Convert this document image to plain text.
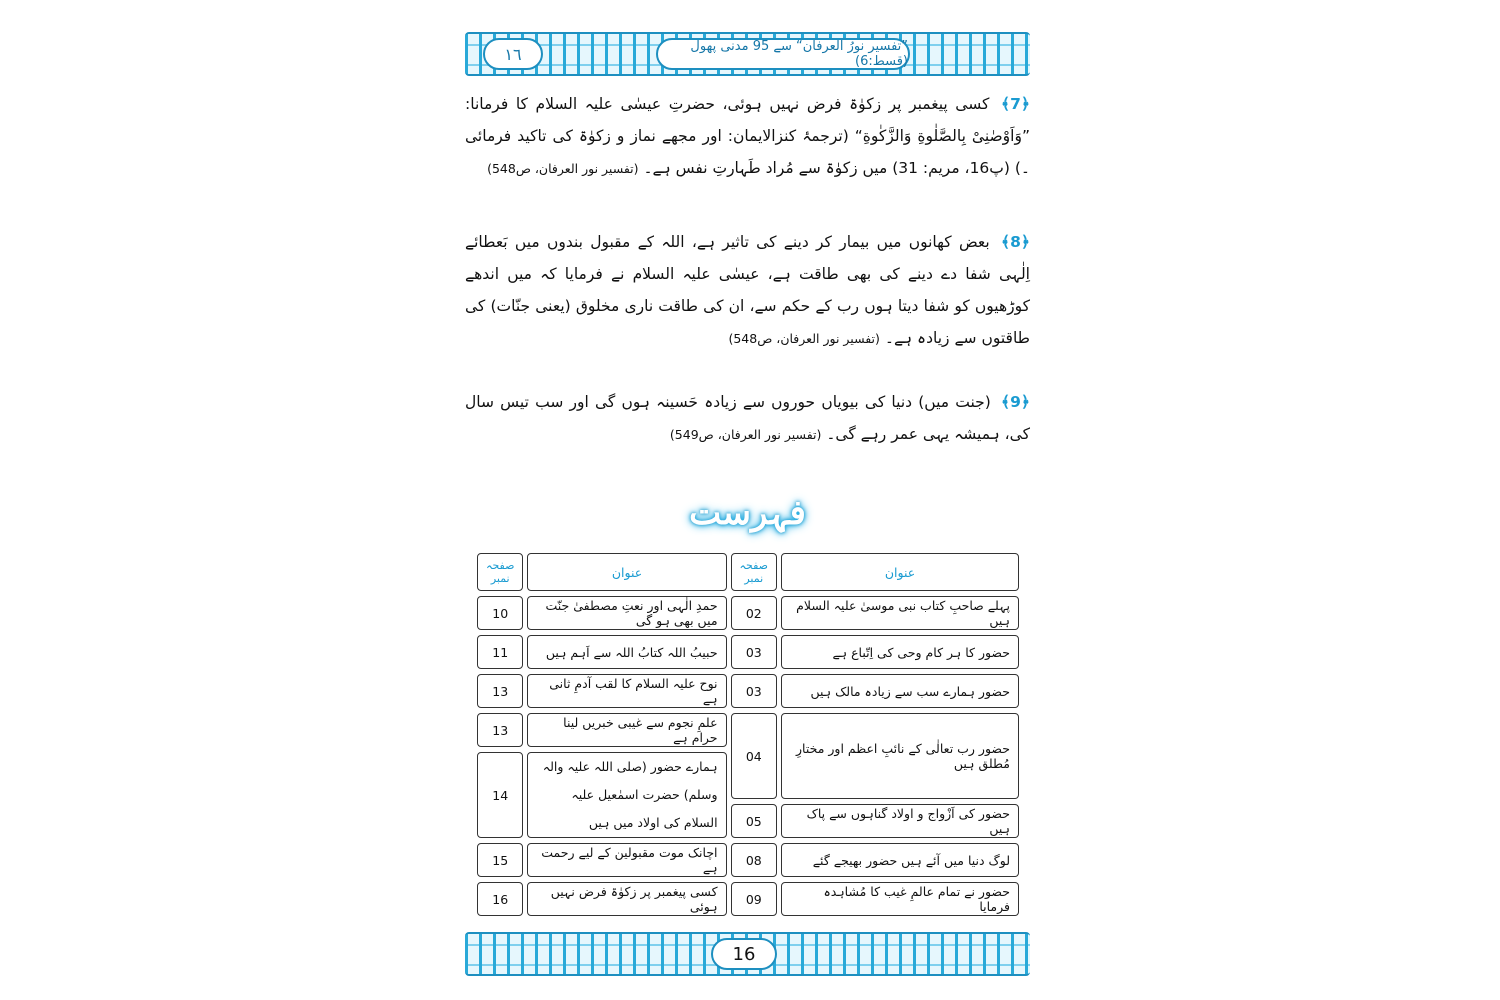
”تفسیر نورُ العرفان“ سے 95 مدنی پھول (قسط:6)
١٦
﴿7﴾ کسی پیغمبر پر زکوٰۃ فرض نہیں ہوئی، حضرتِ عیسٰی علیہ السلام کا فرمانا: ”وَاَوْصٰنِیْ بِالصَّلٰوةِ وَالزَّكٰوةِ“ (ترجمۂ کنزالایمان: اور مجھے نماز و زکوٰۃ کی تاکید فرمائی ۔) (پ16، مریم: 31) میں زکوٰۃ سے مُراد طَہارتِ نفس ہے۔ (تفسیر نور العرفان، ص548)
﴿8﴾ بعض کھانوں میں بیمار کر دینے کی تاثیر ہے، اللہ کے مقبول بندوں میں بَعطائے اِلٰہی شفا دے دینے کی بھی طاقت ہے، عیسٰی علیہ السلام نے فرمایا کہ میں اندھے کوڑھیوں کو شفا دیتا ہوں رب کے حکم سے، ان کی طاقت ناری مخلوق (یعنی جنّات) کی طاقتوں سے زیادہ ہے۔ (تفسیر نور العرفان، ص548)
﴿9﴾ (جنت میں) دنیا کی بیویاں حوروں سے زیادہ حَسینہ ہوں گی اور سب تیس سال کی، ہمیشہ یہی عمر رہے گی۔ (تفسیر نور العرفان، ص549)
فہرست
عنوان	صفحہ نمبر	عنوان	صفحہ نمبر
پہلے صاحبِ کتاب نبی موسیٰ علیہ السلام ہیں	02	حمدِ الٰہی اور نعتِ مصطفیٰ جنّت میں بھی ہو گی	10
حضور کا ہر کام وحی کی اِتّباع ہے	03	حبیبُ اللہ کتابُ اللہ سے اَہم ہیں	11
حضور ہمارے سب سے زیادہ مالک ہیں	03	نوح علیہ السلام کا لقب آدمِ ثانی ہے	13
حضور رب تعالٰی کے نائبِ اعظم اور مختارِ مُطلق ہیں	04	علمِ نجوم سے غیبی خبریں لینا حرام ہے	13
		ہمارے حضور (صلی اللہ علیہ والہ وسلم) حضرت اسمٰعیل علیہ السلام کی اولاد میں ہیں	14
حضور کی اَزْواج و اولاد گناہوں سے پاک ہیں	05		
لوگ دنیا میں آئے ہیں حضور بھیجے گئے	08	اچانک موت مقبولین کے لیے رحمت ہے	15
حضور نے تمام عالمِ غیب کا مُشاہدہ فرمایا	09	کسی پیغمبر پر زکوٰۃ فرض نہیں ہوئی	16
16
